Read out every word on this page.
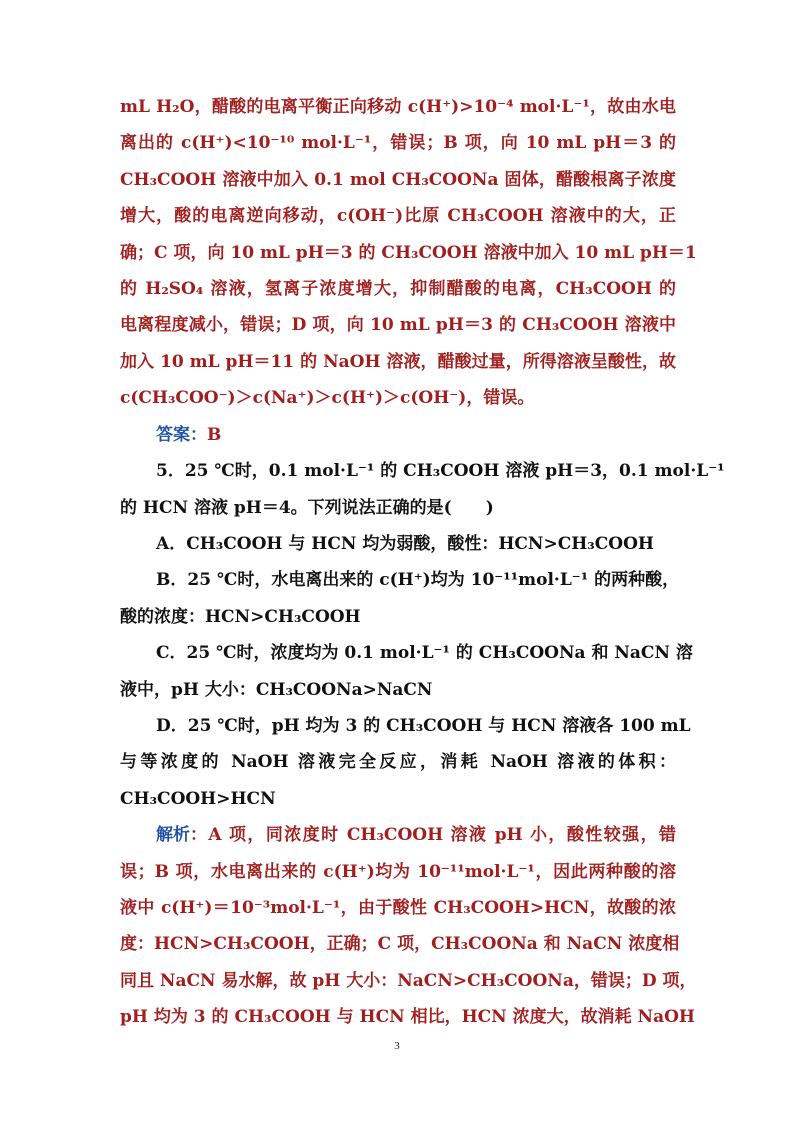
mL H₂O，醋酸的电离平衡正向移动 c(H⁺)>10⁻⁴ mol·L⁻¹，故由水电
离出的 c(H⁺)<10⁻¹⁰ mol·L⁻¹，错误；B 项，向 10 mL pH＝3 的
CH₃COOH 溶液中加入 0.1 mol CH₃COONa 固体，醋酸根离子浓度
增大，酸的电离逆向移动，c(OH⁻)比原 CH₃COOH 溶液中的大，正
确；C 项，向 10 mL pH＝3 的 CH₃COOH 溶液中加入 10 mL pH＝1
的 H₂SO₄ 溶液，氢离子浓度增大，抑制醋酸的电离，CH₃COOH 的
电离程度减小，错误；D 项，向 10 mL pH＝3 的 CH₃COOH 溶液中
加入 10 mL pH＝11 的 NaOH 溶液，醋酸过量，所得溶液呈酸性，故
c(CH₃COO⁻)＞c(Na⁺)＞c(H⁺)＞c(OH⁻)，错误。
答案：B
5．25 ℃时，0.1 mol·L⁻¹ 的 CH₃COOH 溶液 pH＝3，0.1 mol·L⁻¹
的 HCN 溶液 pH＝4。下列说法正确的是(　　)
A．CH₃COOH 与 HCN 均为弱酸，酸性：HCN>CH₃COOH
B．25 ℃时，水电离出来的 c(H⁺)均为 10⁻¹¹mol·L⁻¹ 的两种酸，
酸的浓度：HCN>CH₃COOH
C．25 ℃时，浓度均为 0.1 mol·L⁻¹ 的 CH₃COONa 和 NaCN 溶
液中，pH 大小：CH₃COONa>NaCN
D．25 ℃时，pH 均为 3 的 CH₃COOH 与 HCN 溶液各 100 mL
与等浓度的 NaOH 溶液完全反应，消耗 NaOH 溶液的体积：
CH₃COOH>HCN
解析 ：A 项，同浓度时 CH₃COOH 溶液 pH 小，酸性较强，错
误；B 项，水电离出来的 c(H⁺)均为 10⁻¹¹mol·L⁻¹，因此两种酸的溶
液中 c(H⁺)＝10⁻³mol·L⁻¹，由于酸性 CH₃COOH>HCN，故酸的浓
度：HCN>CH₃COOH，正确；C 项，CH₃COONa 和 NaCN 浓度相
同且 NaCN 易水解，故 pH 大小：NaCN>CH₃COONa，错误；D 项，
pH 均为 3 的 CH₃COOH 与 HCN 相比，HCN 浓度大，故消耗 NaOH
3
